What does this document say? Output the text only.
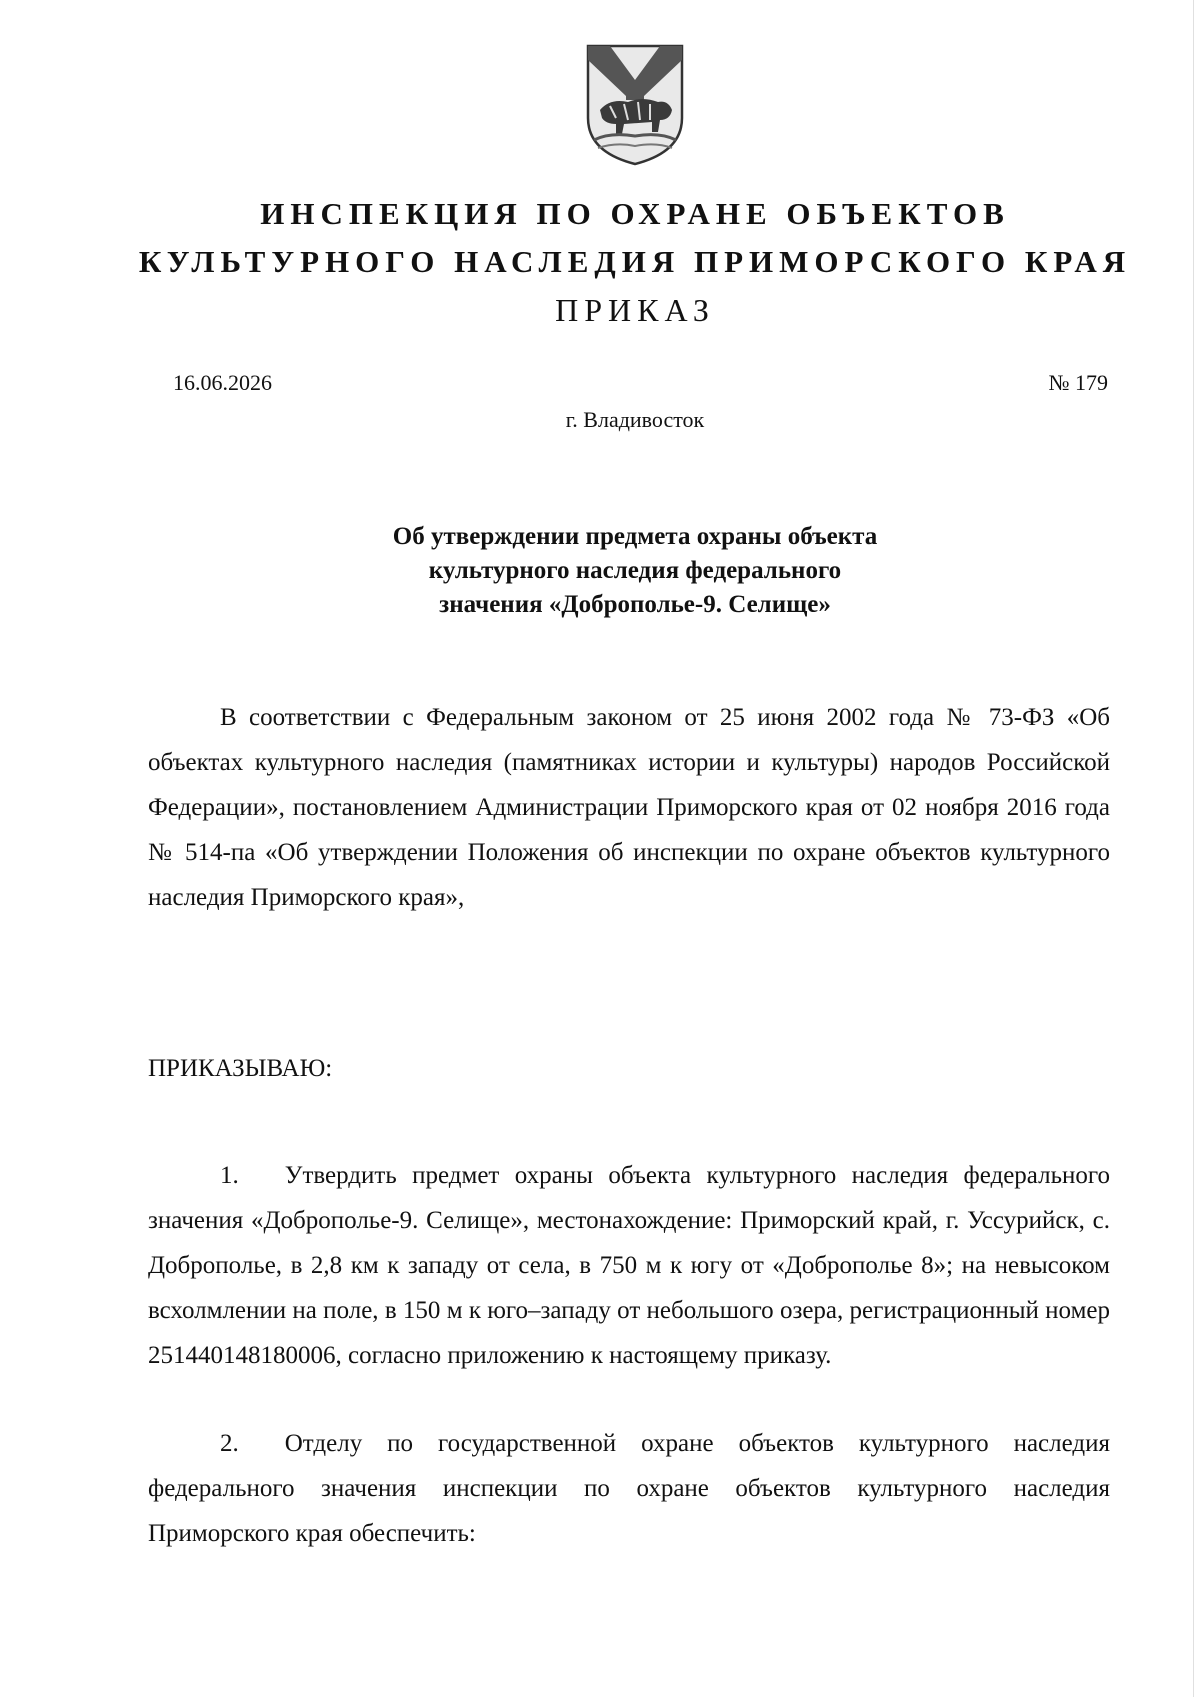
ИНСПЕКЦИЯ ПО ОХРАНЕ ОБЪЕКТОВ
КУЛЬТУРНОГО НАСЛЕДИЯ ПРИМОРСКОГО КРАЯ
ПРИКАЗ
16.06.2026	№ 179
г. Владивосток
Об утверждении предмета охраны объекта
культурного наследия федерального
значения «Доброполье-9. Селище»
В соответствии с Федеральным законом от 25 июня 2002 года № 73-ФЗ «Об объектах культурного наследия (памятниках истории и культуры) народов Российской Федерации», постановлением Администрации Приморского края от 02 ноября 2016 года № 514-па «Об утверждении Положения об инспекции по охране объектов культурного наследия Приморского края»,
ПРИКАЗЫВАЮ:
1. Утвердить предмет охраны объекта культурного наследия федерального значения «Доброполье-9. Селище», местонахождение: Приморский край, г. Уссурийск, с. Доброполье, в 2,8 км к западу от села, в 750 м к югу от «Доброполье 8»; на невысоком всхолмлении на поле, в 150 м к юго–западу от небольшого озера, регистрационный номер 251440148180006, согласно приложению к настоящему приказу.
2. Отделу по государственной охране объектов культурного наследия федерального значения инспекции по охране объектов культурного наследия Приморского края обеспечить:
